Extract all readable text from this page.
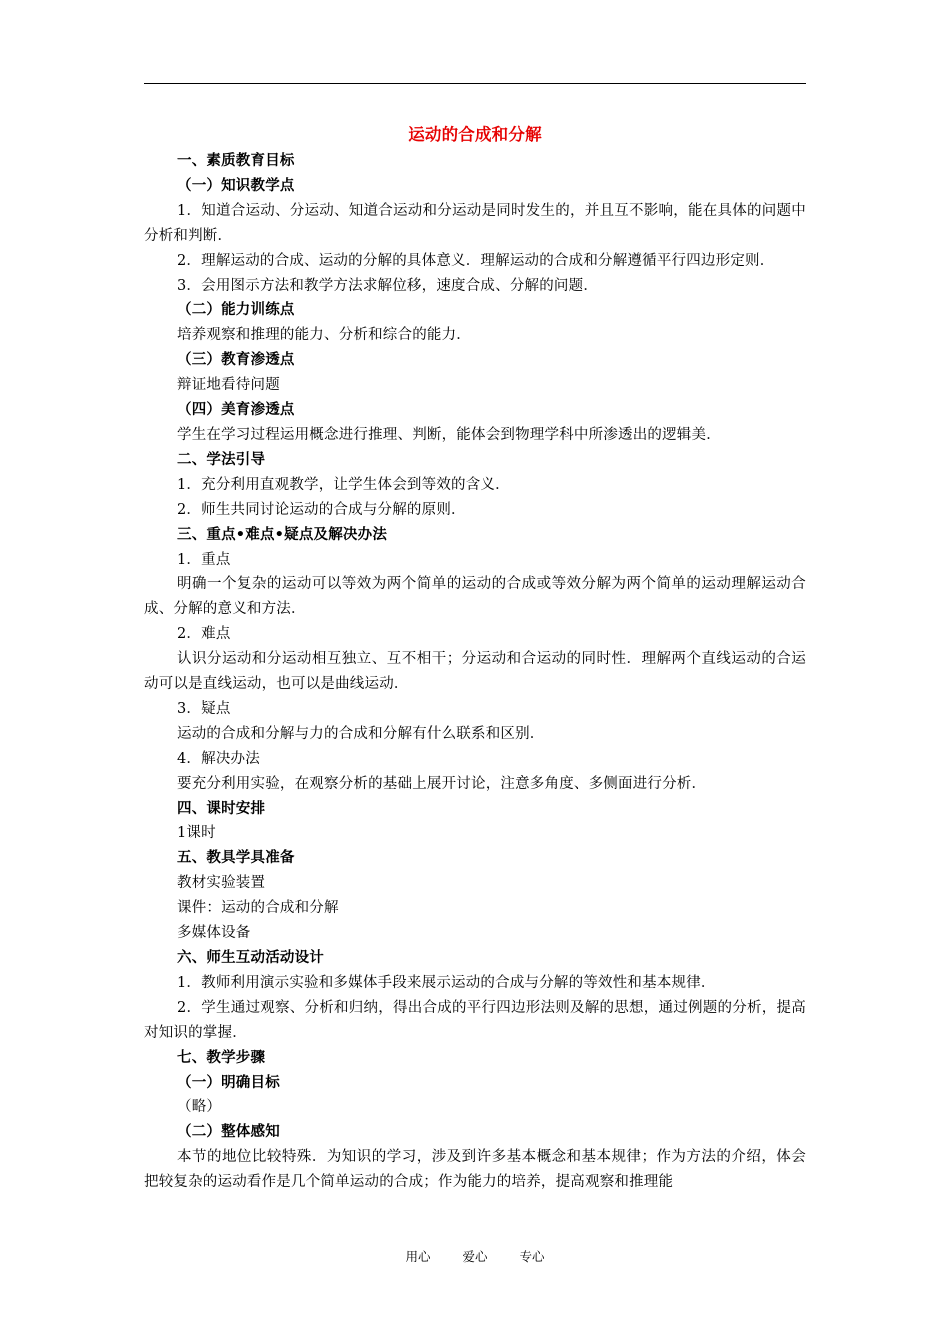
运动的合成和分解
一、素质教育目标
（一）知识教学点
1．知道合运动、分运动、知道合运动和分运动是同时发生的，并且互不影响，能在具体的问题中分析和判断．
2．理解运动的合成、运动的分解的具体意义．理解运动的合成和分解遵循平行四边形定则．
3．会用图示方法和教学方法求解位移，速度合成、分解的问题．
（二）能力训练点
培养观察和推理的能力、分析和综合的能力．
（三）教育渗透点
辩证地看待问题
（四）美育渗透点
学生在学习过程运用概念进行推理、判断，能体会到物理学科中所渗透出的逻辑美．
二、学法引导
1．充分利用直观教学，让学生体会到等效的含义．
2．师生共同讨论运动的合成与分解的原则．
三、重点•难点•疑点及解决办法
1．重点
明确一个复杂的运动可以等效为两个简单的运动的合成或等效分解为两个简单的运动理解运动合成、分解的意义和方法．
2．难点
认识分运动和分运动相互独立、互不相干；分运动和合运动的同时性．理解两个直线运动的合运动可以是直线运动，也可以是曲线运动．
3．疑点
运动的合成和分解与力的合成和分解有什么联系和区别．
4．解决办法
要充分利用实验，在观察分析的基础上展开讨论，注意多角度、多侧面进行分析．
四、课时安排
1课时
五、教具学具准备
教材实验装置
课件：运动的合成和分解
多媒体设备
六、师生互动活动设计
1．教师利用演示实验和多媒体手段来展示运动的合成与分解的等效性和基本规律．
2．学生通过观察、分析和归纳，得出合成的平行四边形法则及解的思想，通过例题的分析，提高对知识的掌握．
七、教学步骤
（一）明确目标
（略）
（二）整体感知
本节的地位比较特殊．为知识的学习，涉及到许多基本概念和基本规律；作为方法的介绍，体会把较复杂的运动看作是几个简单运动的合成；作为能力的培养，提高观察和推理能
用心	爱心	专心
